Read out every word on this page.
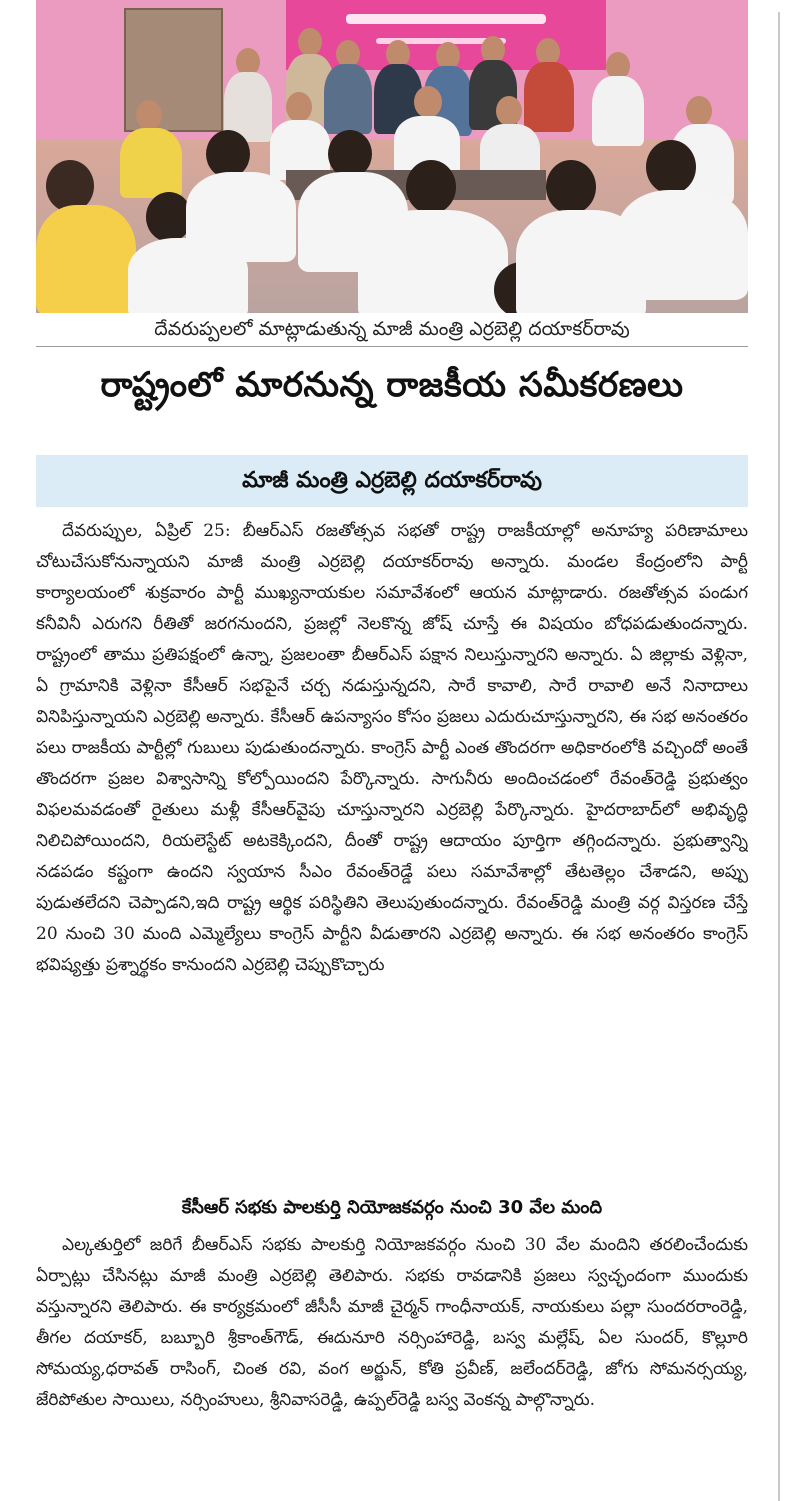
దేవరుప్పలలో మాట్లాడుతున్న మాజీ మంత్రి ఎర్రబెల్లి దయాకర్‌రావు
రాష్ట్రంలో మారనున్న రాజకీయ సమీకరణలు
మాజీ మంత్రి ఎర్రబెల్లి దయాకర్‌రావు

దేవరుప్పుల, ఏప్రిల్ 25: బీఆర్‌ఎస్ రజతోత్సవ సభతో రాష్ట్ర రాజకీయాల్లో అనూహ్య పరిణామాలు చోటుచేసుకోనున్నాయని మాజీ మంత్రి ఎర్రబెల్లి దయాకర్‌రావు అన్నారు. మండల కేంద్రంలోని పార్టీ కార్యాలయంలో శుక్రవారం పార్టీ ముఖ్యనాయకుల సమావేశంలో ఆయన మాట్లాడారు. రజతోత్సవ పండుగ కనీవినీ ఎరుగని రీతితో జరగనుందని, ప్రజల్లో నెలకొన్న జోష్ చూస్తే ఈ విషయం బోధపడుతుందన్నారు. రాష్ట్రంలో తాము ప్రతిపక్షంలో ఉన్నా, ప్రజలంతా బీఆర్‌ఎస్ పక్షాన నిలుస్తున్నారని అన్నారు. ఏ జిల్లాకు వెళ్లినా, ఏ గ్రామానికి వెళ్లినా కేసీఆర్ సభపైనే చర్చ నడుస్తున్నదని, సారే కావాలి, సారే రావాలి అనే నినాదాలు వినిపిస్తున్నాయని ఎర్రబెల్లి అన్నారు. కేసీఆర్ ఉపన్యాసం కోసం ప్రజలు ఎదురుచూస్తున్నారని, ఈ సభ అనంతరం పలు రాజకీయ పార్టీల్లో గుబులు పుడుతుందన్నారు. కాంగ్రెస్ పార్టీ ఎంత తొందరగా అధికారంలోకి వచ్చిందో అంతే తొందరగా ప్రజల విశ్వాసాన్ని కోల్పోయిందని పేర్కొన్నారు. సాగునీరు అందించడంలో రేవంత్‌రెడ్డి ప్రభుత్వం విఫలమవడంతో రైతులు మళ్లీ కేసీఆర్‌వైపు చూస్తున్నారని ఎర్రబెల్లి పేర్కొన్నారు. హైదరాబాద్‌లో అభివృద్ధి నిలిచిపోయిందని, రియలెస్టేట్ అటకెక్కిందని, దీంతో రాష్ట్ర ఆదాయం పూర్తిగా తగ్గిందన్నారు. ప్రభుత్వాన్ని నడపడం కష్టంగా ఉందని స్వయాన సీఎం రేవంత్‌రెడ్డే పలు సమావేశాల్లో తేటతెల్లం చేశాడని, అప్పు పుడుతలేదని చెప్పాడని,ఇది రాష్ట్ర ఆర్థిక పరిస్థితిని తెలుపుతుందన్నారు. రేవంత్‌రెడ్డి మంత్రి వర్గ విస్తరణ చేస్తే 20 నుంచి 30 మంది ఎమ్మెల్యేలు కాంగ్రెస్ పార్టీని వీడుతారని ఎర్రబెల్లి అన్నారు. ఈ సభ అనంతరం కాంగ్రెస్ భవిష్యత్తు ప్రశ్నార్థకం కానుందని ఎర్రబెల్లి చెప్పుకొచ్చారు

కేసీఆర్ సభకు పాలకుర్తి నియోజకవర్గం నుంచి 30 వేల మంది

ఎల్కతుర్తిలో జరిగే బీఆర్‌ఎస్ సభకు పాలకుర్తి నియోజకవర్గం నుంచి 30 వేల మందిని తరలించేందుకు ఏర్పాట్లు చేసినట్లు మాజీ మంత్రి ఎర్రబెల్లి తెలిపారు. సభకు రావడానికి ప్రజలు స్వచ్ఛందంగా ముందుకు వస్తున్నారని తెలిపారు. ఈ కార్యక్రమంలో జీసీసీ మాజీ చైర్మన్ గాంధీనాయక్, నాయకులు పల్లా సుందరరాంరెడ్డి, తీగల దయాకర్, బబ్బూరి శ్రీకాంత్‌గౌడ్, ఈదునూరి నర్సింహారెడ్డి, బస్వ మల్లేష్, ఏల సుందర్, కొల్లూరి సోమయ్య,ధరావత్ రాసింగ్, చింత రవి, వంగ అర్జున్, కోతి ప్రవీణ్, జలేందర్‌రెడ్డి, జోగు సోమనర్సయ్య, జేరిపోతుల సాయిలు, నర్సింహులు, శ్రీనివాసరెడ్డి, ఉప్పల్‌రెడ్డి బస్వ వెంకన్న పాల్గొన్నారు.
